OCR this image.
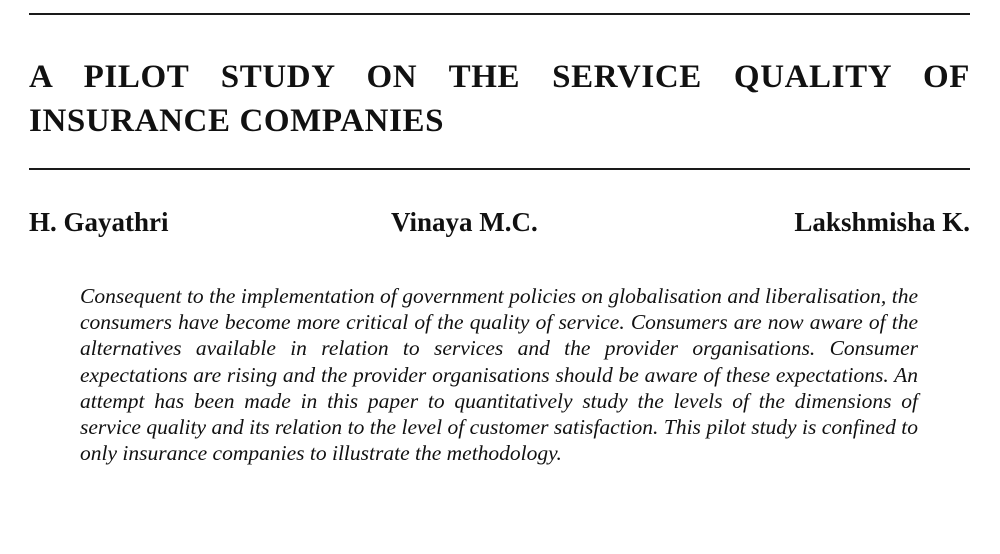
A PILOT STUDY ON THE SERVICE QUALITY OF
INSURANCE COMPANIES
H. Gayathri	Vinaya M.C.	Lakshmisha K.

Consequent to the implementation of government policies on globalisation and liberalisation, the consumers have become more critical of the quality of service. Consumers are now aware of the alternatives available in relation to services and the provider organisations. Consumer expectations are rising and the provider organisations should be aware of these expectations. An attempt has been made in this paper to quantitatively study the levels of the dimensions of service quality and its relation to the level of customer satisfaction. This pilot study is confined to only insurance companies to illustrate the methodology.
